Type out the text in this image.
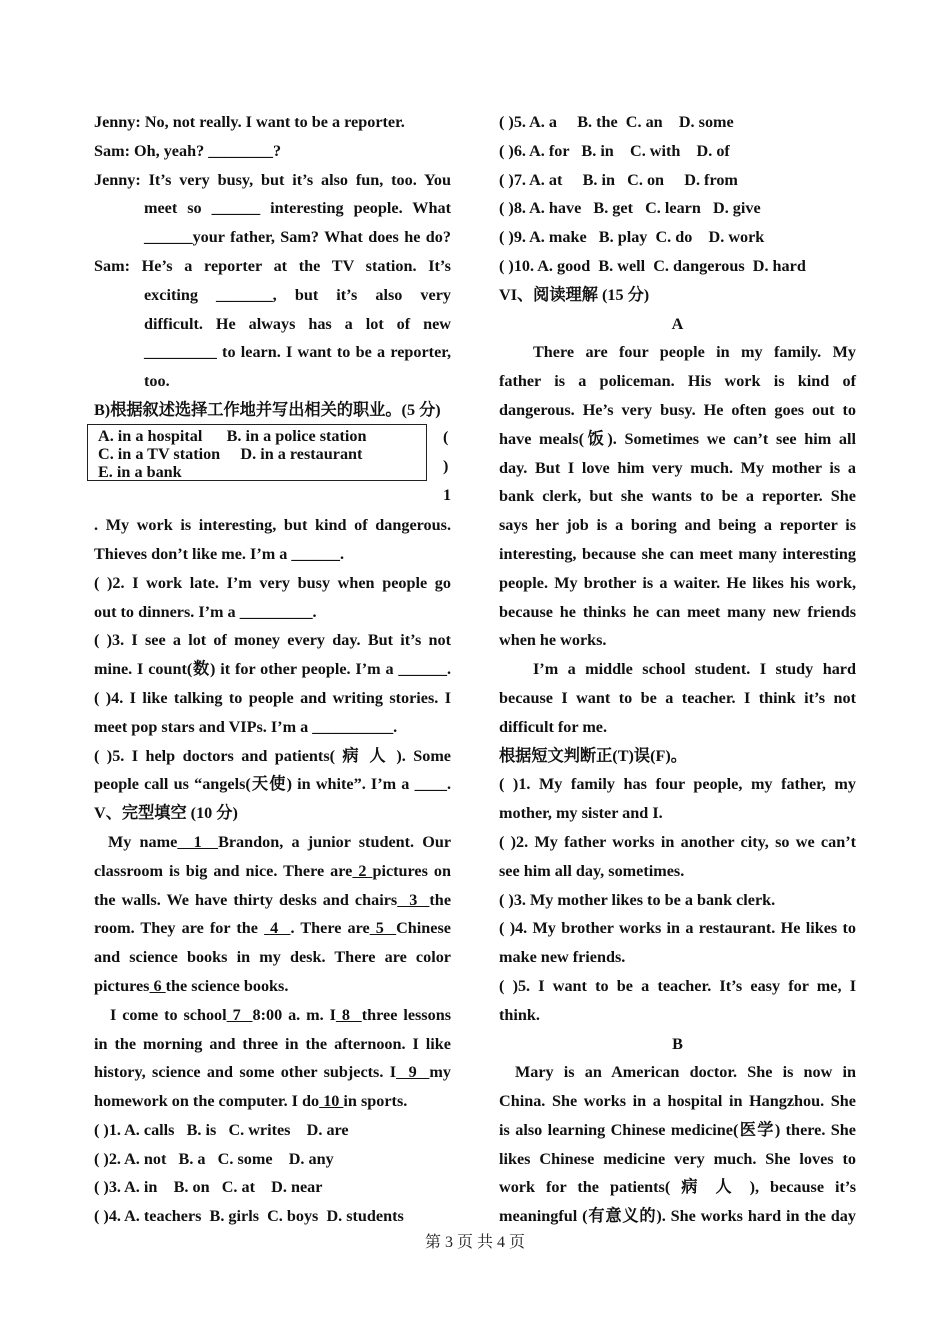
Jenny: No, not really. I want to be a reporter.
Sam: Oh, yeah? ________?
Jenny: It’s very busy, but it’s also fun, too. You
meet so ______ interesting people. What
______your father, Sam? What does he do?
Sam: He’s a reporter at the TV station. It’s
exciting _______, but it’s also very
difficult. He always has a lot of new
_________ to learn. I want to be a reporter,
too.
B)根据叙述选择工作地并写出相关的职业。(5 分)
. My work is interesting, but kind of dangerous.
Thieves don’t like me. I’m a ______.
( )2. I work late. I’m very busy when people go
out to dinners. I’m a _________.
( )3. I see a lot of money every day. But it’s not
mine. I count(数) it for other people. I’m a ______.
( )4. I like talking to people and writing stories. I
meet pop stars and VIPs. I’m a __________.
( )5. I help doctors and patients( 病 人 ). Some
people call us “angels(天使) in white”. I’m a ____.
V、完型填空 (10 分)
My name  1  Brandon, a junior student. Our
classroom is big and nice. There are 2 pictures on
the walls. We have thirty desks and chairs  3  the
room. They are for the  4  . There are 5  Chinese
and science books in my desk. There are color
pictures 6 the science books.
I come to school 7  8:00 a. m. I 8  three lessons
in the morning and three in the afternoon. I like
history, science and some other subjects. I  9  my
homework on the computer. I do 10 in sports.
( )1. A. calls   B. is   C. writes    D. are
( )2. A. not   B. a   C. some    D. any
( )3. A. in    B. on   C. at    D. near
( )4. A. teachers  B. girls  C. boys  D. students
A. in a hospital      B. in a police station
C. in a TV station     D. in a restaurant
E. in a bank
(
)
1
( )5. A. a     B. the  C. an    D. some
( )6. A. for   B. in    C. with    D. of
( )7. A. at     B. in   C. on     D. from
( )8. A. have   B. get   C. learn   D. give
( )9. A. make   B. play  C. do    D. work
( )10. A. good  B. well  C. dangerous  D. hard
VI、阅读理解 (15 分)
A
There are four people in my family. My
father is a policeman. His work is kind of
dangerous. He’s very busy. He often goes out to
have meals(饭). Sometimes we can’t see him all
day. But I love him very much. My mother is a
bank clerk, but she wants to be a reporter. She
says her job is a boring and being a reporter is
interesting, because she can meet many interesting
people. My brother is a waiter. He likes his work,
because he thinks he can meet many new friends
when he works.
I’m a middle school student. I study hard
because I want to be a teacher. I think it’s not
difficult for me.
根据短文判断正(T)误(F)。
( )1. My family has four people, my father, my
mother, my sister and I.
( )2. My father works in another city, so we can’t
see him all day, sometimes.
( )3. My mother likes to be a bank clerk.
( )4. My brother works in a restaurant. He likes to
make new friends.
( )5. I want to be a teacher. It’s easy for me, I
think.
B
Mary is an American doctor. She is now in
China. She works in a hospital in Hangzhou. She
is also learning Chinese medicine(医学) there. She
likes Chinese medicine very much. She loves to
work for the patients( 病 人 ), because it’s
meaningful (有意义的). She works hard in the day
第 3 页 共 4 页
